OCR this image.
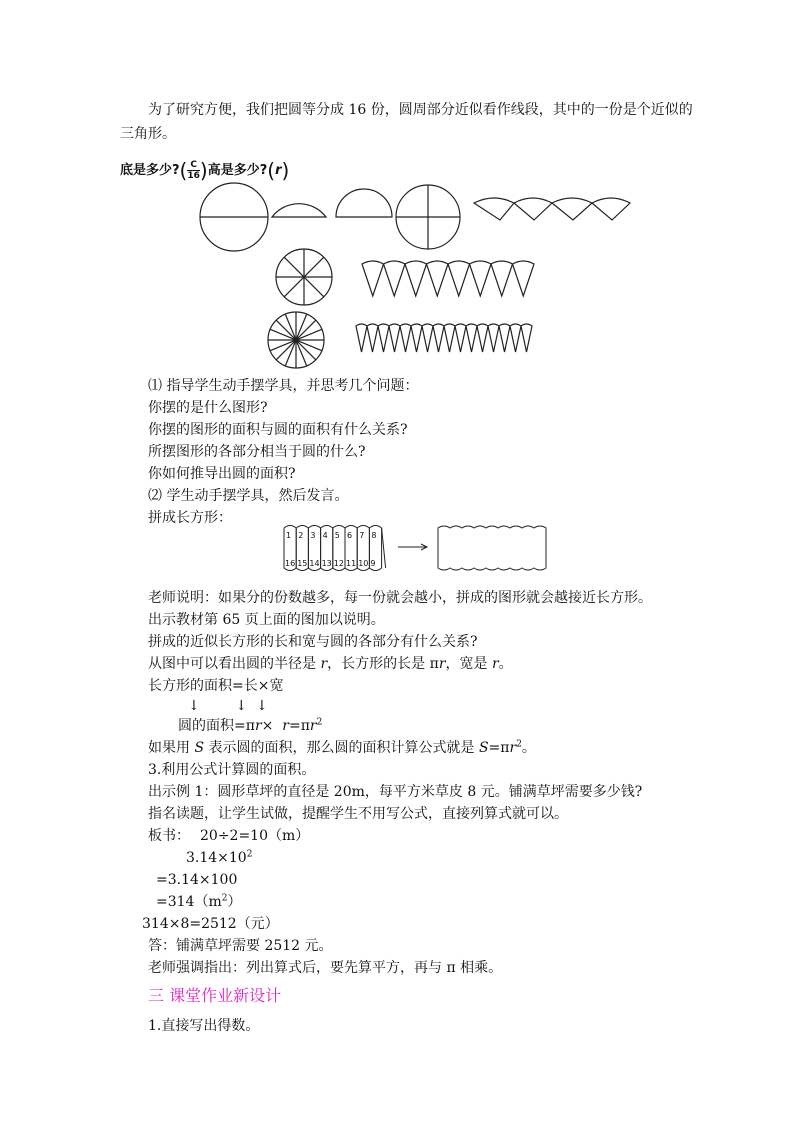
为了研究方便，我们把圆等分成 16 份，圆周部分近似看作线段，其中的一份是个近似的
三角形。
底是多少$?(\frac{C}{16}$ )高是多少?(r)
⑴ 指导学生动手摆学具，并思考几个问题：
你摆的是什么图形?
你摆的图形的面积与圆的面积有什么关系?
所摆图形的各部分相当于圆的什么?
你如何推导出圆的面积?
⑵ 学生动手摆学具，然后发言。
拼成长方形：
1 2 3 4 5 6 7 8
16 15 14 13 12 11 10 9
老师说明：如果分的份数越多，每一份就会越小，拼成的图形就会越接近长方形。
出示教材第 65 页上面的图加以说明。
拼成的近似长方形的长和宽与圆的各部分有什么关系?
从图中可以看出圆的半径是 r，长方形的长是 πr，宽是 r。
长方形的面积=长×宽
↓        ↓  ↓
圆的面积$=\pi r\times r=\pi r^2$
如果用 S 表示圆的面积，那么圆的面积计算公式就是 $S=\pi r^2$。
3.利用公式计算圆的面积。
出示例 1：圆形草坪的直径是 20m，每平方米草皮 8 元。铺满草坪需要多少钱?
指名读题，让学生试做，提醒学生不用写公式，直接列算式就可以。
板书： 20÷2=10（m）
$3.14\times 10^2$
=3.14×100
$=314(m^2)$
314×8=2512（元）
答：铺满草坪需要 2512 元。
老师强调指出：列出算式后，要先算平方，再与 π 相乘。
三 课堂作业新设计
1.直接写出得数。
